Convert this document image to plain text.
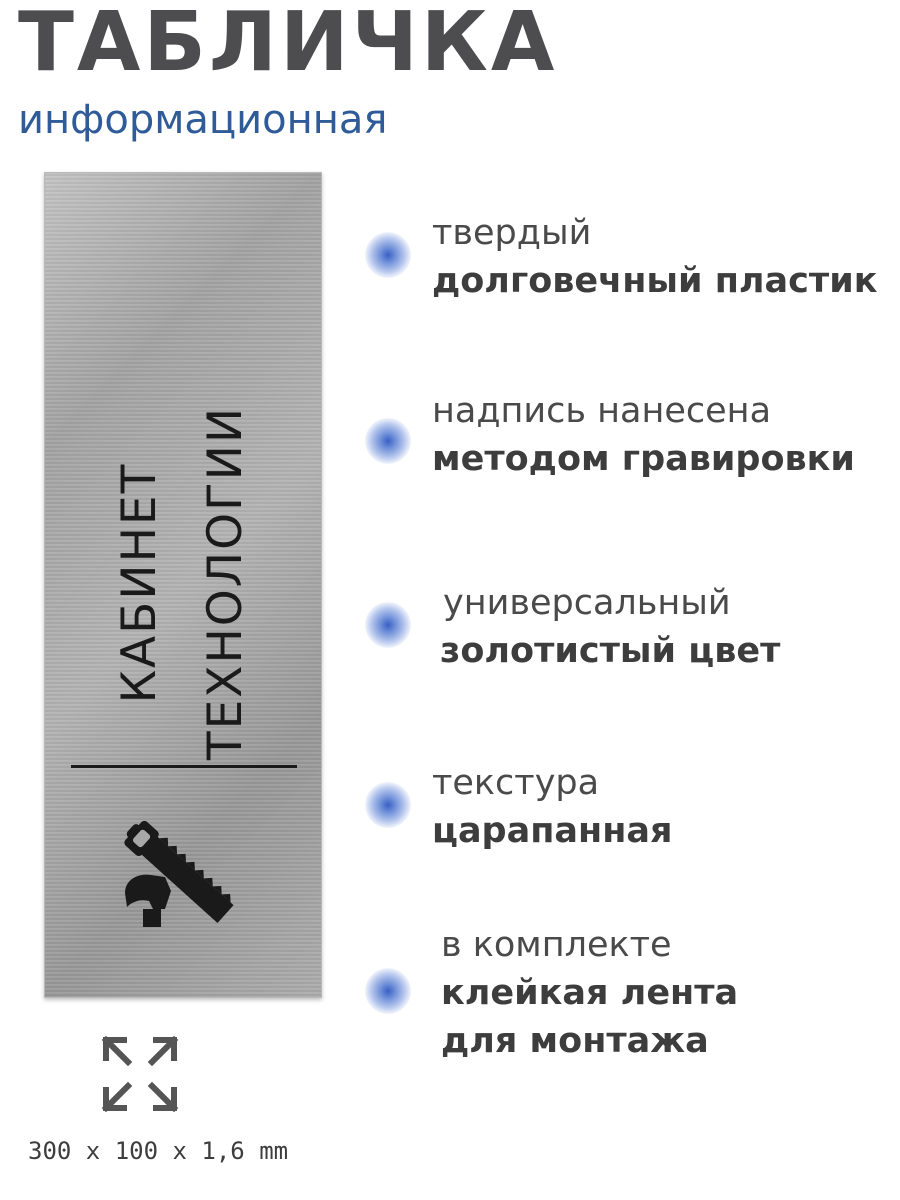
ТАБЛИЧКА
информационная
КАБИНЕТ ТЕХНОЛОГИИ
твердый
долговечный пластик
надпись нанесена
методом гравировки
универсальный
золотистый цвет
текстура
царапанная
в комплекте
клейкая лента
для монтажа
300 x 100 x 1,6 mm
